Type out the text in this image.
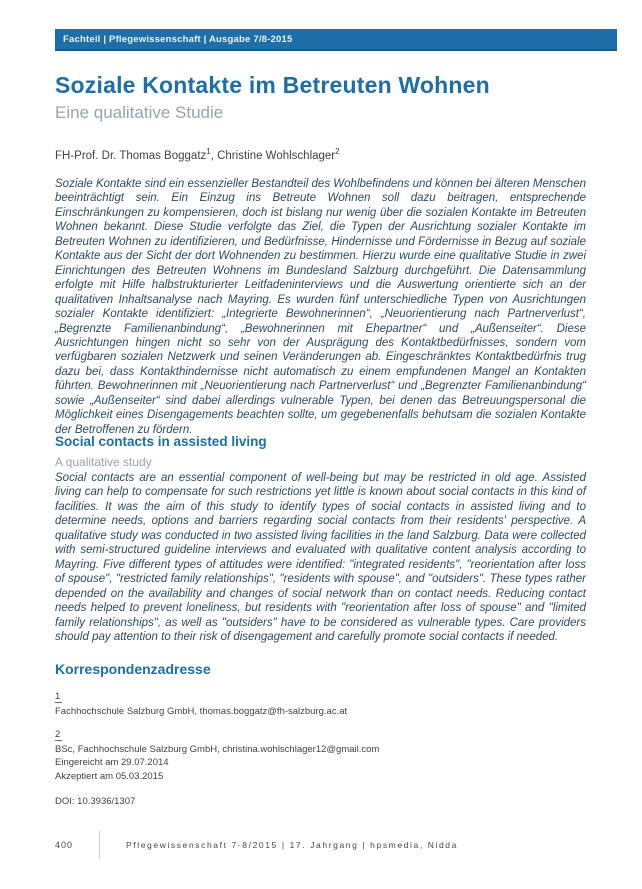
Fachteil | Pflegewissenschaft | Ausgabe 7/8-2015
Soziale Kontakte im Betreuten Wohnen
Eine qualitative Studie

FH-Prof. Dr. Thomas Boggatz$^1$, Christine Wohlschlager$^2$

Soziale Kontakte sind ein essenzieller Bestandteil des Wohlbefindens und können bei älteren Menschen beeinträchtigt sein. Ein Einzug ins Betreute Wohnen soll dazu beitragen, entsprechende Einschränkungen zu kompensieren, doch ist bislang nur wenig über die sozialen Kontakte im Betreuten Wohnen bekannt. Diese Studie verfolgte das Ziel, die Typen der Ausrichtung sozialer Kontakte im Betreuten Wohnen zu identifizieren, und Bedürfnisse, Hindernisse und Fördernisse in Bezug auf soziale Kontakte aus der Sicht der dort Wohnenden zu bestimmen. Hierzu wurde eine qualitative Studie in zwei Einrichtungen des Betreuten Wohnens im Bundesland Salzburg durchgeführt. Die Datensammlung erfolgte mit Hilfe halbstrukturierter Leitfadeninterviews und die Auswertung orientierte sich an der qualitativen Inhaltsanalyse nach Mayring. Es wurden fünf unterschiedliche Typen von Ausrichtungen sozialer Kontakte identifiziert: „Integrierte Bewohnerinnen“, „Neuorientierung nach Partnerverlust“, „Begrenzte Familienanbindung“, „Bewohnerinnen mit Ehepartner“ und „Außenseiter“. Diese Ausrichtungen hingen nicht so sehr von der Ausprägung des Kontaktbedürfnisses, sondern vom verfügbaren sozialen Netzwerk und seinen Veränderungen ab. Eingeschränktes Kontaktbedürfnis trug dazu bei, dass Kontakthindernisse nicht automatisch zu einem empfundenen Mangel an Kontakten führten. Bewohnerinnen mit „Neuorientierung nach Partnerverlust“ und „Begrenzter Familienanbindung“ sowie „Außenseiter“ sind dabei allerdings vulnerable Typen, bei denen das Betreuungspersonal die Möglichkeit eines Disengagements beachten sollte, um gegebenenfalls behutsam die sozialen Kontakte der Betroffenen zu fördern.

Social contacts in assisted living
A qualitative study

Social contacts are an essential component of well-being but may be restricted in old age. Assisted living can help to compensate for such restrictions yet little is known about social contacts in this kind of facilities. It was the aim of this study to identify types of social contacts in assisted living and to determine needs, options and barriers regarding social contacts from their residents' perspective. A qualitative study was conducted in two assisted living facilities in the land Salzburg. Data were collected with semi-structured guideline interviews and evaluated with qualitative content analysis according to Mayring. Five different types of attitudes were identified: "integrated residents", "reorientation after loss of spouse", "restricted family relationships", "residents with spouse", and "outsiders". These types rather depended on the availability and changes of social network than on contact needs. Reducing contact needs helped to prevent loneliness, but residents with "reorientation after loss of spouse" and "limited family relationships", as well as "outsiders" have to be considered as vulnerable types. Care providers should pay attention to their risk of disengagement and carefully promote social contacts if needed.

Korrespondenzadresse
1
Fachhochschule Salzburg GmbH, thomas.boggatz@fh-salzburg.ac.at
2
BSc, Fachhochschule Salzburg GmbH, christina.wohlschlager12@gmail.com
Eingereicht am 29.07.2014
Akzeptiert am 05.03.2015
DOI: 10.3936/1307
400	Pflegewissenschaft 7-8/2015 | 17. Jahrgang | hpsmedia, Nidda
